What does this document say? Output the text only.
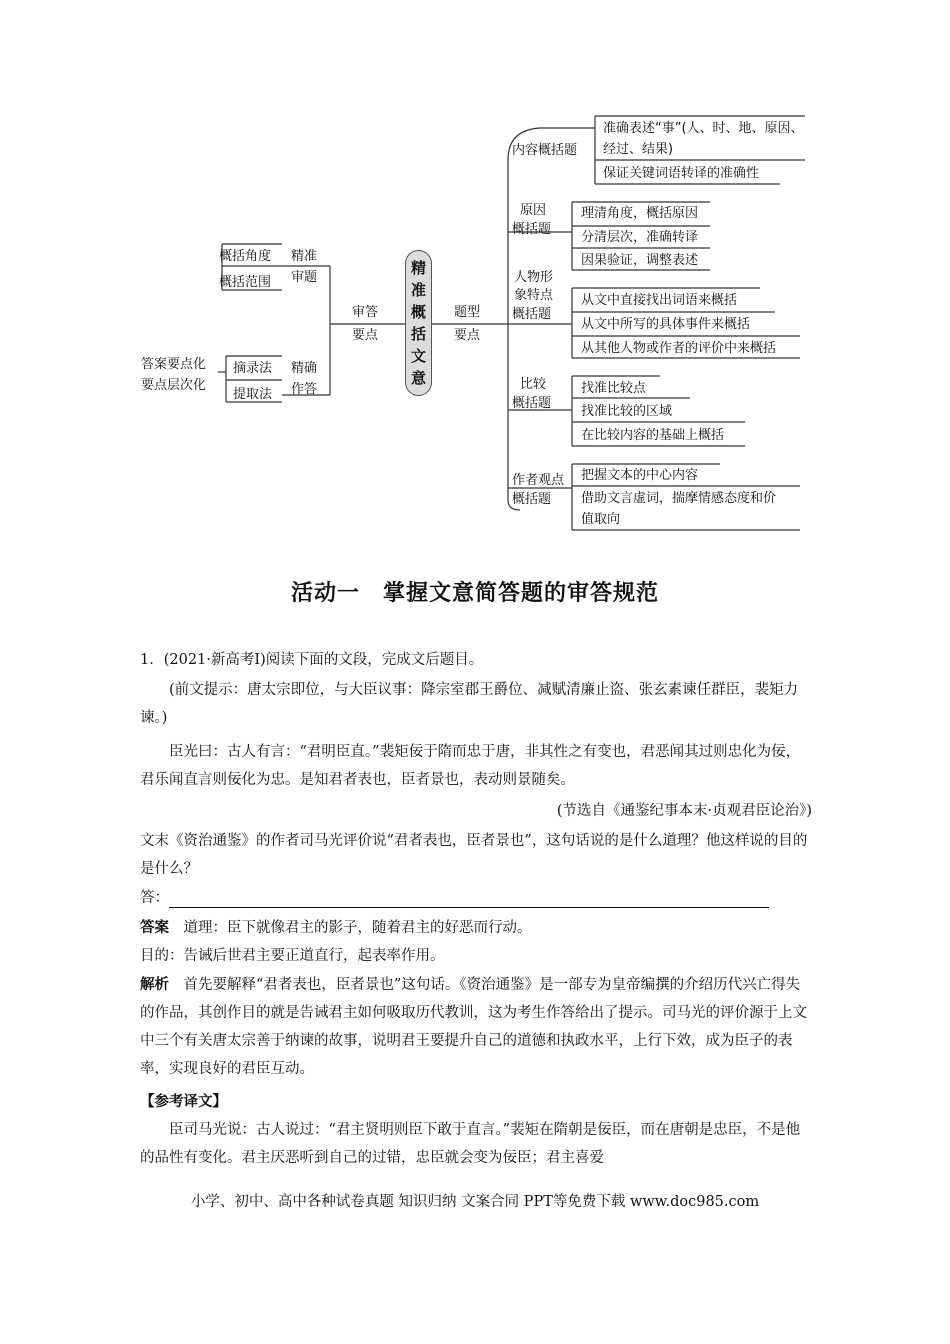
精
准
概
括
文
意
审答
要点
概括角度
概括范围
精准
审题
摘录法
提取法
精确
作答
答案要点化
要点层次化
题型
要点
内容概括题
准确表述“事”(人、时、地、原因、
经过、结果)
保证关键词语转译的准确性
原因
概括题
理清角度，概括原因
分清层次，准确转译
因果验证，调整表述
人物形
象特点
概括题
从文中直接找出词语来概括
从文中所写的具体事件来概括
从其他人物或作者的评价中来概括
比较
概括题
找准比较点
找准比较的区域
在比较内容的基础上概括
作者观点
概括题
把握文本的中心内容
借助文言虚词，揣摩情感态度和价
值取向
活动一　掌握文意简答题的审答规范
1．(2021·新高考Ⅰ)阅读下面的文段，完成文后题目。
(前文提示：唐太宗即位，与大臣议事：降宗室郡王爵位、减赋清廉止盗、张玄素谏任群臣，裴矩力谏。)
臣光曰：古人有言：“君明臣直。”裴矩佞于隋而忠于唐，非其性之有变也，君恶闻其过则忠化为佞，君乐闻直言则佞化为忠。是知君者表也，臣者景也，表动则景随矣。
(节选自《通鉴纪事本末·贞观君臣论治》)
文末《资治通鉴》的作者司马光评价说“君者表也，臣者景也”，这句话说的是什么道理？他这样说的目的是什么？
答：
答案　 道理：臣下就像君主的影子，随着君主的好恶而行动。
目的：告诫后世君主要正道直行，起表率作用。
解析　 首先要解释“君者表也，臣者景也”这句话。《资治通鉴》是一部专为皇帝编撰的介绍历代兴亡得失的作品，其创作目的就是告诫君主如何吸取历代教训，这为考生作答给出了提示。司马光的评价源于上文中三个有关唐太宗善于纳谏的故事，说明君王要提升自己的道德和执政水平，上行下效，成为臣子的表率，实现良好的君臣互动。
【参考译文】
臣司马光说：古人说过：“君主贤明则臣下敢于直言。”裴矩在隋朝是佞臣，而在唐朝是忠臣，不是他的品性有变化。君主厌恶听到自己的过错，忠臣就会变为佞臣；君主喜爱
小学、初中、高中各种试卷真题 知识归纳 文案合同 PPT等免费下载 www.doc985.com
